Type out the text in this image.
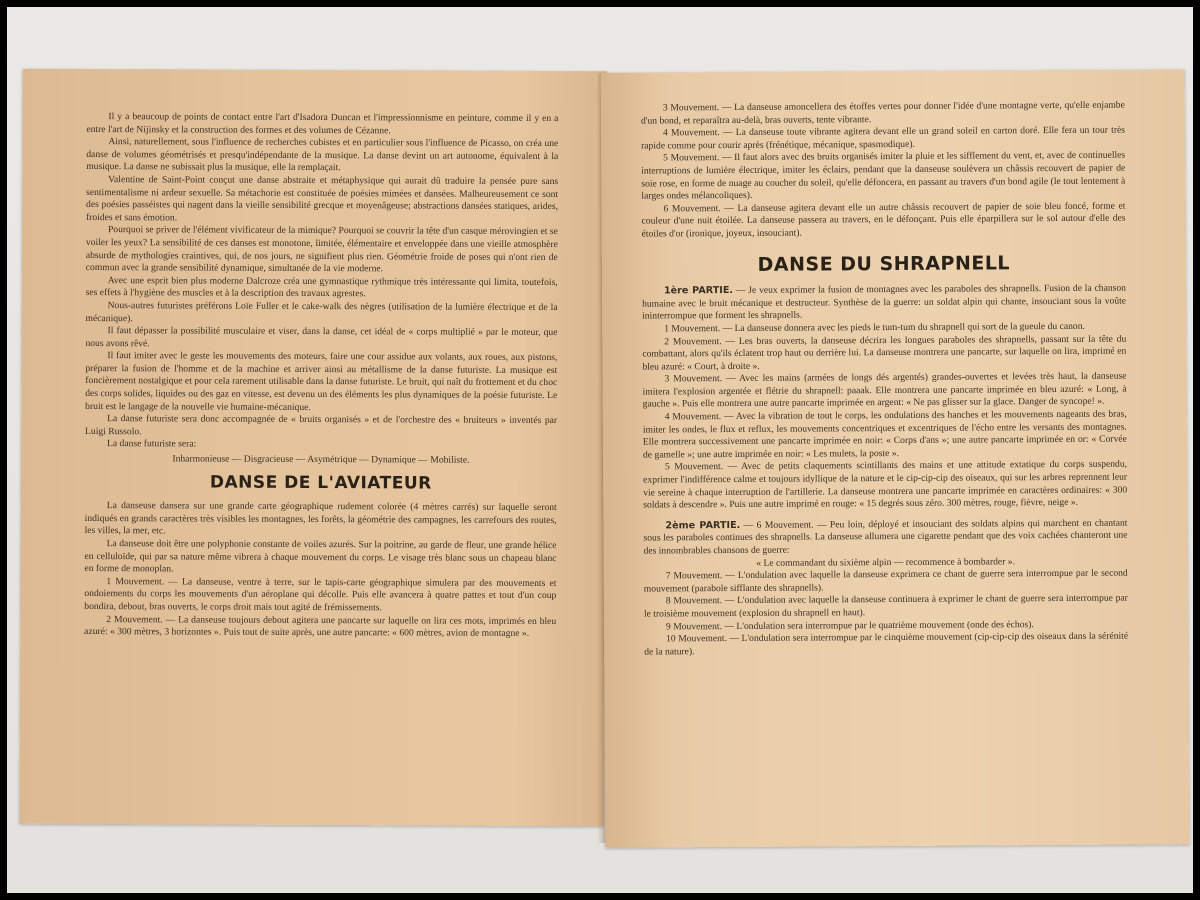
Il y a beaucoup de points de contact entre l'art d'Isadora Duncan et l'impressionnisme en peinture, comme il y en a entre l'art de Nijinsky et la construction des formes et des volumes de Cézanne.

Ainsi, naturellement, sous l'influence de recherches cubistes et en particulier sous l'influence de Picasso, on créa une danse de volumes géométrisés et presqu'indépendante de la musique. La danse devint un art autonome, équivalent à la musique. La danse ne subissait plus la musique, elle la remplaçait.

Valentine de Saint-Point conçut une danse abstraite et métaphysique qui aurait dû traduire la pensée pure sans sentimentalisme ni ardeur sexuelle. Sa métachorie est constituée de poésies mimées et dansées. Malheureusement ce sont des poésies passéistes qui nagent dans la vieille sensibilité grecque et moyenâgeuse; abstractions dansées statiques, arides, froides et sans émotion.

Pourquoi se priver de l'élément vivificateur de la mimique? Pourquoi se couvrir la tête d'un casque mérovingien et se voiler les yeux? La sensibilité de ces danses est monotone, limitée, élémentaire et enveloppée dans une vieille atmosphère absurde de mythologies craintives, qui, de nos jours, ne signifient plus rien. Géométrie froide de poses qui n'ont rien de commun avec la grande sensibilité dynamique, simultanée de la vie moderne.

Avec une esprit bien plus moderne Dalcroze créa une gymnastique rythmique très intéressante qui limita, toutefois, ses effets à l'hygiène des muscles et à la description des travaux agrestes.

Nous-autres futuristes préférons Loïe Fuller et le cake-walk des nègres (utilisation de la lumière électrique et de la mécanique).

Il faut dépasser la possibilité musculaire et viser, dans la danse, cet idéal de « corps multiplié » par le moteur, que nous avons rêvé.

Il faut imiter avec le geste les mouvements des moteurs, faire une cour assidue aux volants, aux roues, aux pistons, préparer la fusion de l'homme et de la machine et arriver ainsi au métallisme de la danse futuriste. La musique est foncièrement nostalgique et pour cela rarement utilisable dans la danse futuriste. Le bruit, qui naît du frottement et du choc des corps solides, liquides ou des gaz en vitesse, est devenu un des éléments les plus dynamiques de la poésie futuriste. Le bruit est le langage de la nouvelle vie humaine-mécanique.

La danse futuriste sera donc accompagnée de « bruits organisés » et de l'orchestre des « bruiteurs » inventés par Luigi Russolo.

La danse futuriste sera:

Inharmonieuse — Disgracieuse — Asymétrique — Dynamique — Mobiliste.

DANSE DE L'AVIATEUR

La danseuse dansera sur une grande carte géographique rudement colorée (4 mètres carrés) sur laquelle seront indiqués en grands caractères très visibles les montagnes, les forêts, la géométrie des campagnes, les carrefours des routes, les villes, la mer, etc.

La danseuse doit être une polyphonie constante de voiles azurés. Sur la poitrine, au garde de fleur, une grande hélice en celluloïde, qui par sa nature même vibrera à chaque mouvement du corps. Le visage très blanc sous un chapeau blanc en forme de monoplan.

1 Mouvement. — La danseuse, ventre à terre, sur le tapis-carte géographique simulera par des mouvements et ondoiements du corps les mouvements d'un aéroplane qui décolle. Puis elle avancera à quatre pattes et tout d'un coup bondira, debout, bras ouverts, le corps droit mais tout agité de frémissements.

2 Mouvement. — La danseuse toujours debout agitera une pancarte sur laquelle on lira ces mots, imprimés en bleu azuré: « 300 mètres, 3 horizontes ». Puis tout de suite après, une autre pancarte: « 600 mètres, avion de montagne ».

3 Mouvement. — La danseuse amoncellera des étoffes vertes pour donner l'idée d'une montagne verte, qu'elle enjambe d'un bond, et reparaîtra au-delà, bras ouverts, tente vibrante.

4 Mouvement. — La danseuse toute vibrante agitera devant elle un grand soleil en carton doré. Elle fera un tour très rapide comme pour courir après (frénétique, mécanique, spasmodique).

5 Mouvement. — Il faut alors avec des bruits organisés imiter la pluie et les sifflement du vent, et, avec de continuelles interruptions de lumière électrique, imiter les éclairs, pendant que la danseuse soulèvera un châssis recouvert de papier de soie rose, en forme de nuage au coucher du soleil, qu'elle défoncera, en passant au travers d'un bond agile (le tout lentement à larges ondes mélancoliques).

6 Mouvement. — La danseuse agitera devant elle un autre châssis recouvert de papier de soie bleu foncé, forme et couleur d'une nuit étoilée. La danseuse passera au travers, en le défonçant. Puis elle éparpillera sur le sol autour d'elle des étoiles d'or (ironique, joyeux, insouciant).

DANSE DU SHRAPNELL

1ère PARTIE. — Je veux exprimer la fusion de montagnes avec les paraboles des shrapnells. Fusion de la chanson humaine avec le bruit mécanique et destructeur. Synthèse de la guerre: un soldat alpin qui chante, insouciant sous la voûte ininterrompue que forment les shrapnells.

1 Mouvement. — La danseuse donnera avec les pieds le tum-tum du shrapnell qui sort de la gueule du canon.

2 Mouvement. — Les bras ouverts, la danseuse décrira les longues paraboles des shrapnells, passant sur la tête du combattant, alors qu'ils éclatent trop haut ou derrière lui. La danseuse montrera une pancarte, sur laquelle on lira, imprimé en bleu azuré: « Court, à droite ».

3 Mouvement. — Avec les mains (armées de longs dés argentés) grandes-ouvertes et levées très haut, la danseuse imitera l'explosion argentée et flétrie du shrapnell: paaak. Elle montrera une pancarte imprimée en bleu azuré: « Long, à gauche ». Puis elle montrera une autre pancarte imprimée en argent: « Ne pas glisser sur la glace. Danger de syncope! ».

4 Mouvement. — Avec la vibration de tout le corps, les ondulations des hanches et les mouvements nageants des bras, imiter les ondes, le flux et reflux, les mouvements concentriques et excentriques de l'écho entre les versants des montagnes. Elle montrera successivement une pancarte imprimée en noir: « Corps d'ans »; une autre pancarte imprimée en or: « Corvée de gamelle »; une autre imprimée en noir: « Les mulets, la poste ».

5 Mouvement. — Avec de petits claquements scintillants des mains et une attitude extatique du corps suspendu, exprimer l'indifférence calme et toujours idyllique de la nature et le cip-cip-cip des oiseaux, qui sur les arbres reprennent leur vie sereine à chaque interruption de l'artillerie. La danseuse montrera une pancarte imprimée en caractères ordinaires: « 300 soldats à descendre ». Puis une autre imprimé en rouge: « 15 degrés sous zéro. 300 mètres, rouge, fièvre, neige ».

2ème PARTIE. — 6 Mouvement. — Peu loin, déployé et insouciant des soldats alpins qui marchent en chantant sous les paraboles continues des shrapnells. La danseuse allumera une cigarette pendant que des voix cachées chanteront une des innombrables chansons de guerre:

« Le commandant du sixième alpin — recommence à bombarder ».

7 Mouvement. — L'ondulation avec laquelle la danseuse exprimera ce chant de guerre sera interrompue par le second mouvement (parabole sifflante des shrapnells).

8 Mouvement. — L'ondulation avec laquelle la danseuse continuera à exprimer le chant de guerre sera interrompue par le troisième mouvement (explosion du shrapnell en haut).

9 Mouvement. — L'ondulation sera interrompue par le quatrième mouvement (onde des échos).

10 Mouvement. — L'ondulation sera interrompue par le cinquième mouvement (cip-cip-cip des oiseaux dans la sérénité de la nature).
